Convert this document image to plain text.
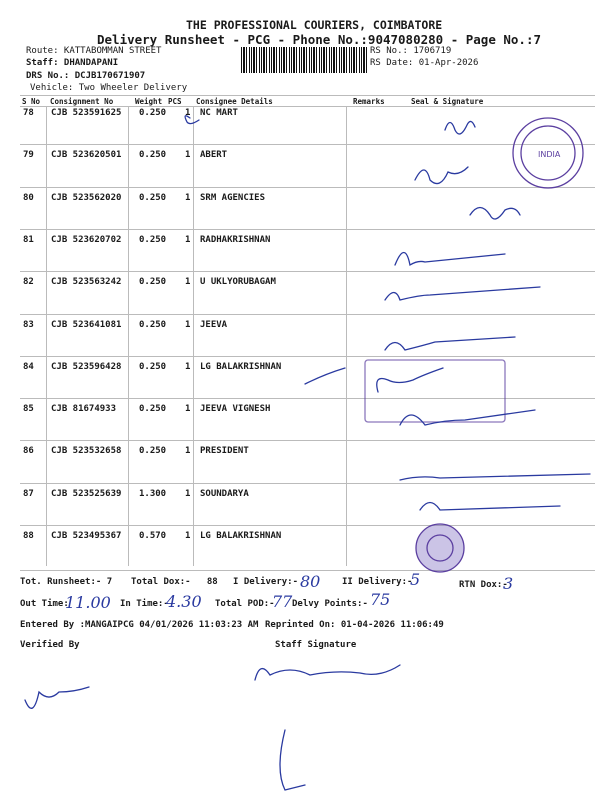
THE PROFESSIONAL COURIERS, COIMBATORE
Delivery Runsheet - PCG - Phone No.:9047080280 - Page No.:7
Route: KATTABOMMAN STREET
Staff: DHANDAPANI
DRS No.: DCJB170671907
Vehicle: Two Wheeler Delivery
RS No.: 1706719
RS Date: 01-Apr-2026
S No Consignment No	Weight PCS Consignee Details	Remarks	Seal & Signature
78 CJB 523591625 0.250 1 NC MART
79 CJB 523620501 0.250 1 ABERT
80 CJB 523562020 0.250 1 SRM AGENCIES
81 CJB 523620702 0.250 1 RADHAKRISHNAN
82 CJB 523563242 0.250 1 U UKLYORUBAGAM
83 CJB 523641081 0.250 1 JEEVA
84 CJB 523596428 0.250 1 LG BALAKRISHNAN
85 CJB 81674933	0.250 1 JEEVA VIGNESH
86 CJB 523532658 0.250 1 PRESIDENT
87 CJB 523525639 1.300 1 SOUNDARYA
88 CJB 523495367 0.570 1 LG BALAKRISHNAN
Tot. Runsheet:- 7 Total Dox:-   88 I Delivery:- 80 II Delivery:-
5	RTN Dox:-
3
Out Time:
11.00 In Time:-
4.30 Total POD:-
77 Delvy Points:- 75
Entered By :MANGAIPCG 04/01/2026 11:03:23 AM Reprinted On: 01-04-2026 11:06:49
Verified By	Staff Signature
INDIA
